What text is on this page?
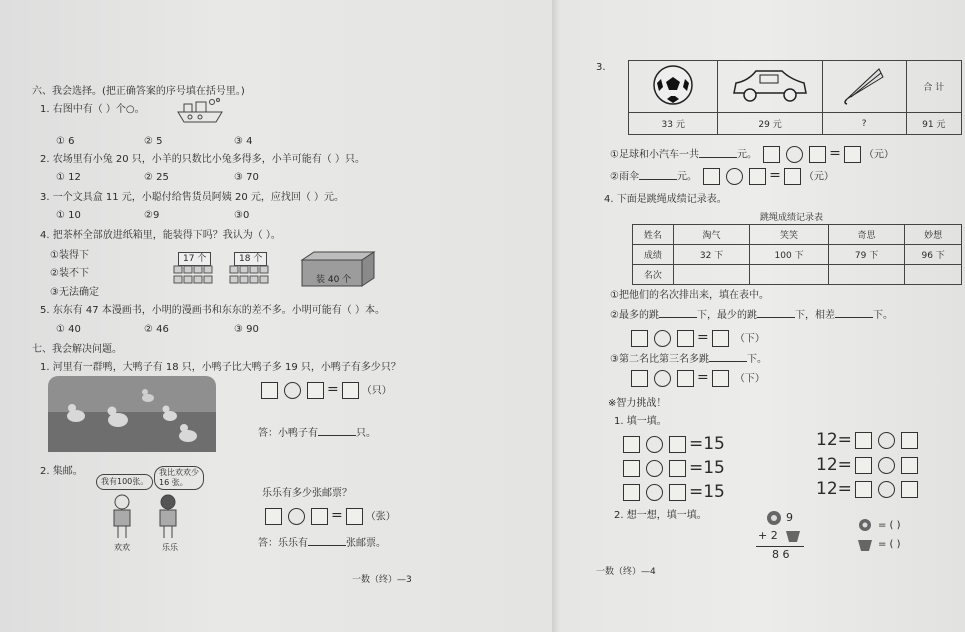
六、我会选择。(把正确答案的序号填在括号里。)
1. 右图中有（ ）个○。
① 6	② 5	③ 4
2. 农场里有小兔 20 只，小羊的只数比小兔多得多，小羊可能有（ ）只。
① 12	② 25	③ 70
3. 一个文具盒 11 元，小聪付给售货员阿姨 20 元，应找回（ ）元。
① 10	②9	③0
4. 把茶杯全部放进纸箱里，能装得下吗？我认为（ ）。
①装得下
②装不下
③无法确定
17 个	18 个
装 40 个
5. 东东有 47 本漫画书，小明的漫画书和东东的差不多。小明可能有（ ）本。
① 40	② 46	③ 90
七、我会解决问题。
1. 河里有一群鸭，大鸭子有 18 只，小鸭子比大鸭子多 19 只，小鸭子有多少只？
= （只）
答：小鸭子有	只。
2. 集邮。
我有100张。
我比欢欢少 16 张。
欢欢	乐乐
乐乐有多少张邮票？
= （张）
答：乐乐有	张邮票。
一数（终）—3
3.
			合 计
33 元	29 元	?	91 元
①足球和小汽车一共	元。	= （元）
②雨伞	元。	= （元）
4. 下面是跳绳成绩记录表。
跳绳成绩记录表
姓名	淘气	笑笑	奇思	妙想
成绩	32 下	100 下	79 下	96 下
名次				
①把他们的名次排出来，填在表中。
②最多的跳	下，最少的跳	下，相差	下。
=	（下）
③第二名比第三名多跳	下。
=	（下）
※智力挑战！
1. 填一填。
=15
=15
=15
12=
12=
12=
2. 想一想，填一填。	9
+ 2
8 6
= ( )
= ( )
一数（终）—4
